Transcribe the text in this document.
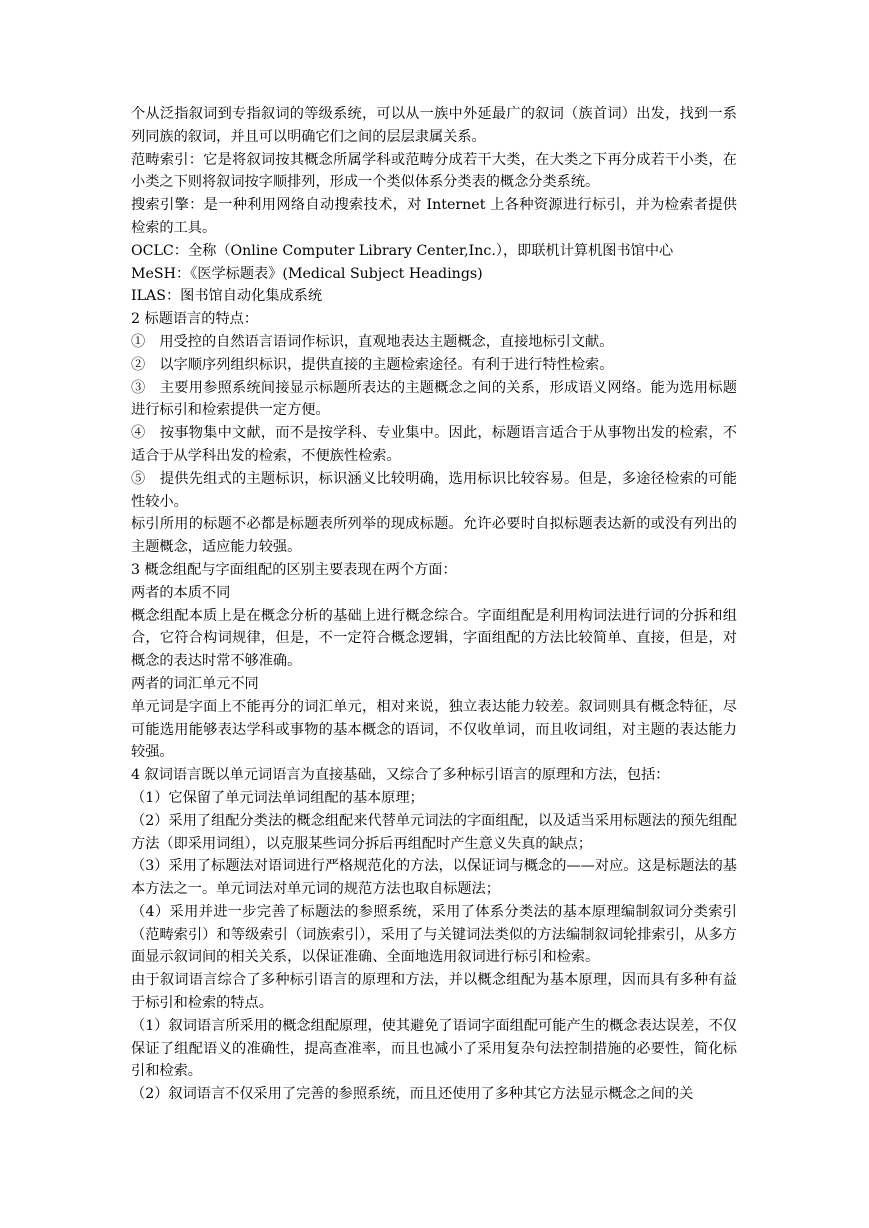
个从泛指叙词到专指叙词的等级系统，可以从一族中外延最广的叙词（族首词）出发，找到一系列同族的叙词，并且可以明确它们之间的层层隶属关系。

范畴索引：它是将叙词按其概念所属学科或范畴分成若干大类，在大类之下再分成若干小类，在小类之下则将叙词按字顺排列，形成一个类似体系分类表的概念分类系统。

搜索引擎：是一种利用网络自动搜索技术，对 Internet 上各种资源进行标引，并为检索者提供检索的工具。

OCLC：全称（Online Computer Library Center,Inc.），即联机计算机图书馆中心

MeSH：《医学标题表》(Medical Subject Headings)

ILAS：图书馆自动化集成系统

2 标题语言的特点：

①　用受控的自然语言语词作标识，直观地表达主题概念，直接地标引文献。

②　以字顺序列组织标识，提供直接的主题检索途径。有利于进行特性检索。

③　主要用参照系统间接显示标题所表达的主题概念之间的关系，形成语义网络。能为选用标题进行标引和检索提供一定方便。

④　按事物集中文献，而不是按学科、专业集中。因此，标题语言适合于从事物出发的检索，不适合于从学科出发的检索，不便族性检索。

⑤　提供先组式的主题标识，标识涵义比较明确，选用标识比较容易。但是，多途径检索的可能性较小。

标引所用的标题不必都是标题表所列举的现成标题。允许必要时自拟标题表达新的或没有列出的主题概念，适应能力较强。

3 概念组配与字面组配的区别主要表现在两个方面：

两者的本质不同

概念组配本质上是在概念分析的基础上进行概念综合。字面组配是利用构词法进行词的分拆和组合，它符合构词规律，但是，不一定符合概念逻辑，字面组配的方法比较简单、直接，但是，对概念的表达时常不够准确。

两者的词汇单元不同

单元词是字面上不能再分的词汇单元，相对来说，独立表达能力较差。叙词则具有概念特征，尽可能选用能够表达学科或事物的基本概念的语词，不仅收单词，而且收词组，对主题的表达能力较强。

4 叙词语言既以单元词语言为直接基础，又综合了多种标引语言的原理和方法，包括：

（1）它保留了单元词法单词组配的基本原理；

（2）采用了组配分类法的概念组配来代替单元词法的字面组配，以及适当采用标题法的预先组配方法（即采用词组），以克服某些词分拆后再组配时产生意义失真的缺点；

（3）采用了标题法对语词进行严格规范化的方法，以保证词与概念的——对应。这是标题法的基本方法之一。单元词法对单元词的规范方法也取自标题法；

（4）采用并进一步完善了标题法的参照系统，采用了体系分类法的基本原理编制叙词分类索引（范畴索引）和等级索引（词族索引），采用了与关键词法类似的方法编制叙词轮排索引，从多方面显示叙词间的相关关系，以保证准确、全面地选用叙词进行标引和检索。

由于叙词语言综合了多种标引语言的原理和方法，并以概念组配为基本原理，因而具有多种有益于标引和检索的特点。

（1）叙词语言所采用的概念组配原理，使其避免了语词字面组配可能产生的概念表达误差，不仅保证了组配语义的准确性，提高查准率，而且也减小了采用复杂句法控制措施的必要性，简化标引和检索。

（2）叙词语言不仅采用了完善的参照系统，而且还使用了多种其它方法显示概念之间的关
